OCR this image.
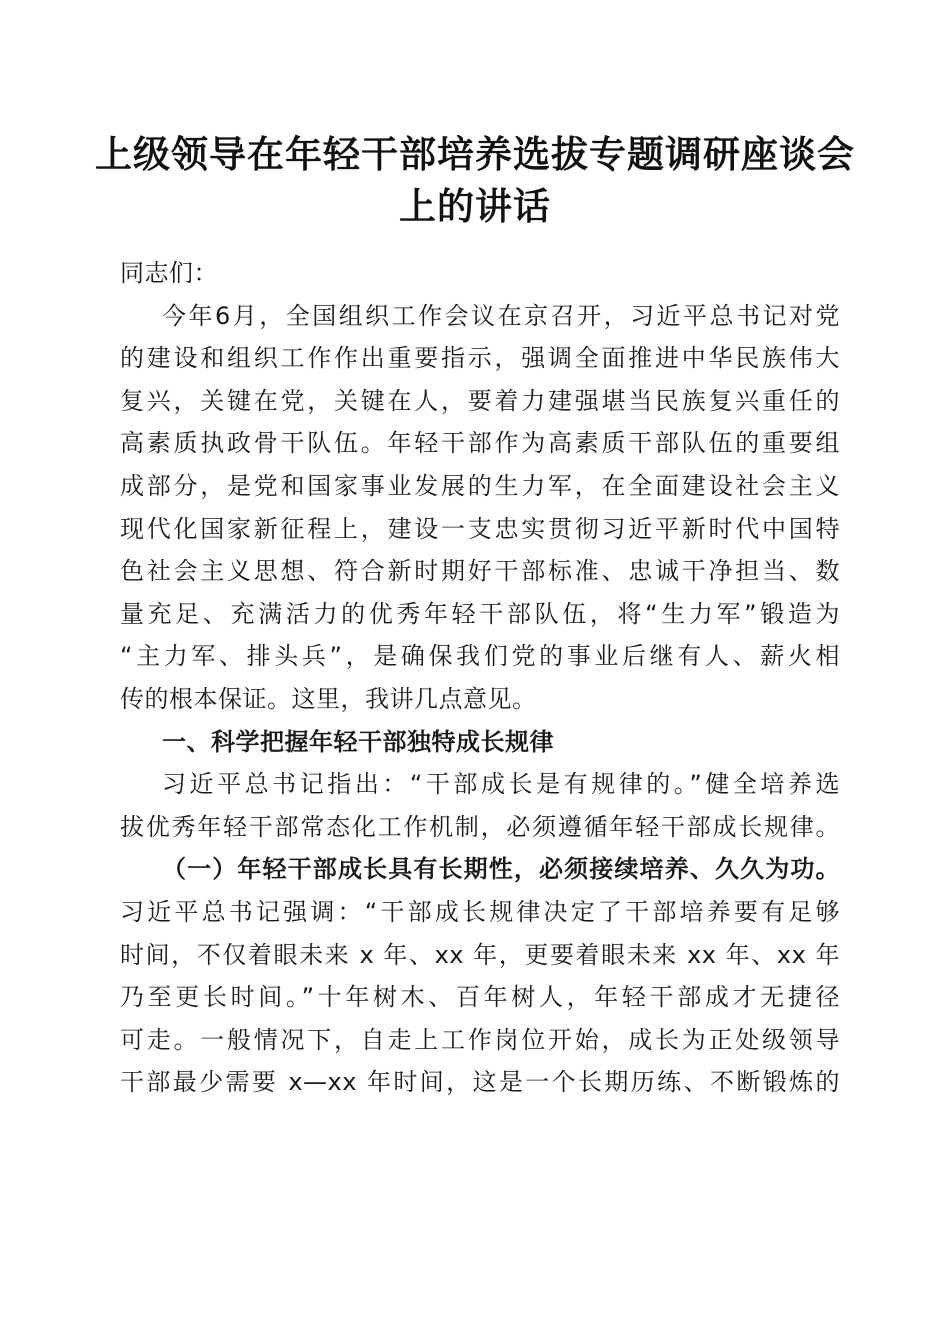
上级领导在年轻干部培养选拔专题调研座谈会
上的讲话
同志们：
今年6月，全国组织工作会议在京召开，习近平总书记对党
的建设和组织工作作出重要指示，强调全面推进中华民族伟大
复兴，关键在党，关键在人，要着力建强堪当民族复兴重任的
高素质执政骨干队伍。年轻干部作为高素质干部队伍的重要组
成部分，是党和国家事业发展的生力军，在全面建设社会主义
现代化国家新征程上，建设一支忠实贯彻习近平新时代中国特
色社会主义思想、符合新时期好干部标准、忠诚干净担当、数
量充足、充满活力的优秀年轻干部队伍，将“生力军”锻造为
“主力军、排头兵”，是确保我们党的事业后继有人、薪火相
传的根本保证。这里，我讲几点意见。
一、科学把握年轻干部独特成长规律
习近平总书记指出：“干部成长是有规律的。”健全培养选
拔优秀年轻干部常态化工作机制，必须遵循年轻干部成长规律。
（一）年轻干部成长具有长期性，必须接续培养、久久为功。
习近平总书记强调：“干部成长规律决定了干部培养要有足够
时间，不仅着眼未来 x 年、xx 年，更要着眼未来 xx 年、xx 年
乃至更长时间。”十年树木、百年树人，年轻干部成才无捷径
可走。一般情况下，自走上工作岗位开始，成长为正处级领导
干部最少需要 x—xx 年时间，这是一个长期历练、不断锻炼的
